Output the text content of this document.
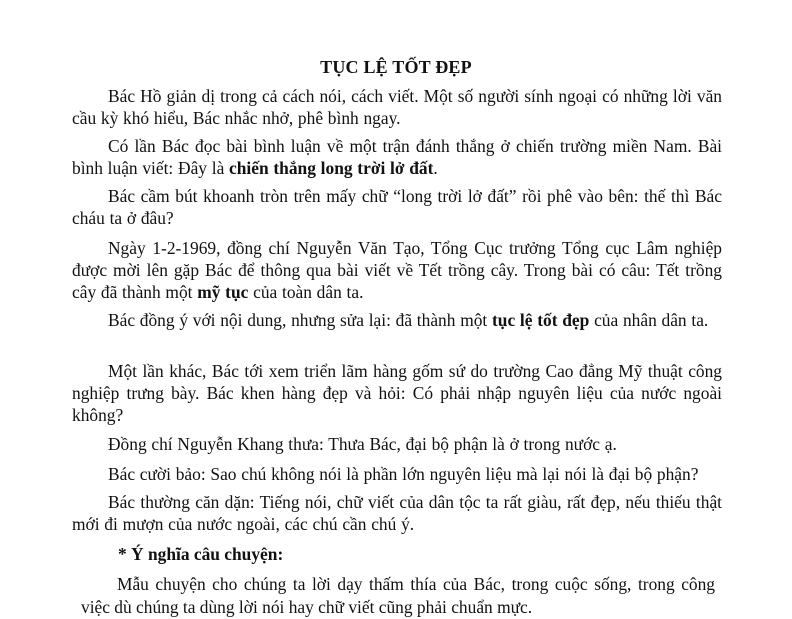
TỤC LỆ TỐT ĐẸP

Bác Hồ giản dị trong cả cách nói, cách viết. Một số người sính ngoại có những lời văn cầu kỳ khó hiểu, Bác nhắc nhở, phê bình ngay.

Có lần Bác đọc bài bình luận về một trận đánh thắng ở chiến trường miền Nam. Bài bình luận viết: Đây là chiến thắng long trời lở đất.

Bác cầm bút khoanh tròn trên mấy chữ “long trời lở đất” rồi phê vào bên: thế thì Bác cháu ta ở đâu?

Ngày 1-2-1969, đồng chí Nguyễn Văn Tạo, Tổng Cục trưởng Tổng cục Lâm nghiệp được mời lên gặp Bác để thông qua bài viết về Tết trồng cây. Trong bài có câu: Tết trồng cây đã thành một mỹ tục của toàn dân ta.

Bác đồng ý với nội dung, nhưng sửa lại: đã thành một tục lệ tốt đẹp của nhân dân ta.

Một lần khác, Bác tới xem triển lãm hàng gốm sứ do trường Cao đẳng Mỹ thuật công nghiệp trưng bày. Bác khen hàng đẹp và hỏi: Có phải nhập nguyên liệu của nước ngoài không?

Đồng chí Nguyễn Khang thưa: Thưa Bác, đại bộ phận là ở trong nước ạ.

Bác cười bảo: Sao chú không nói là phần lớn nguyên liệu mà lại nói là đại bộ phận?

Bác thường căn dặn: Tiếng nói, chữ viết của dân tộc ta rất giàu, rất đẹp, nếu thiếu thật mới đi mượn của nước ngoài, các chú cần chú ý.

* Ý nghĩa câu chuyện:

Mẫu chuyện cho chúng ta lời dạy thấm thía của Bác, trong cuộc sống, trong công việc dù chúng ta dùng lời nói hay chữ viết cũng phải chuẩn mực.
